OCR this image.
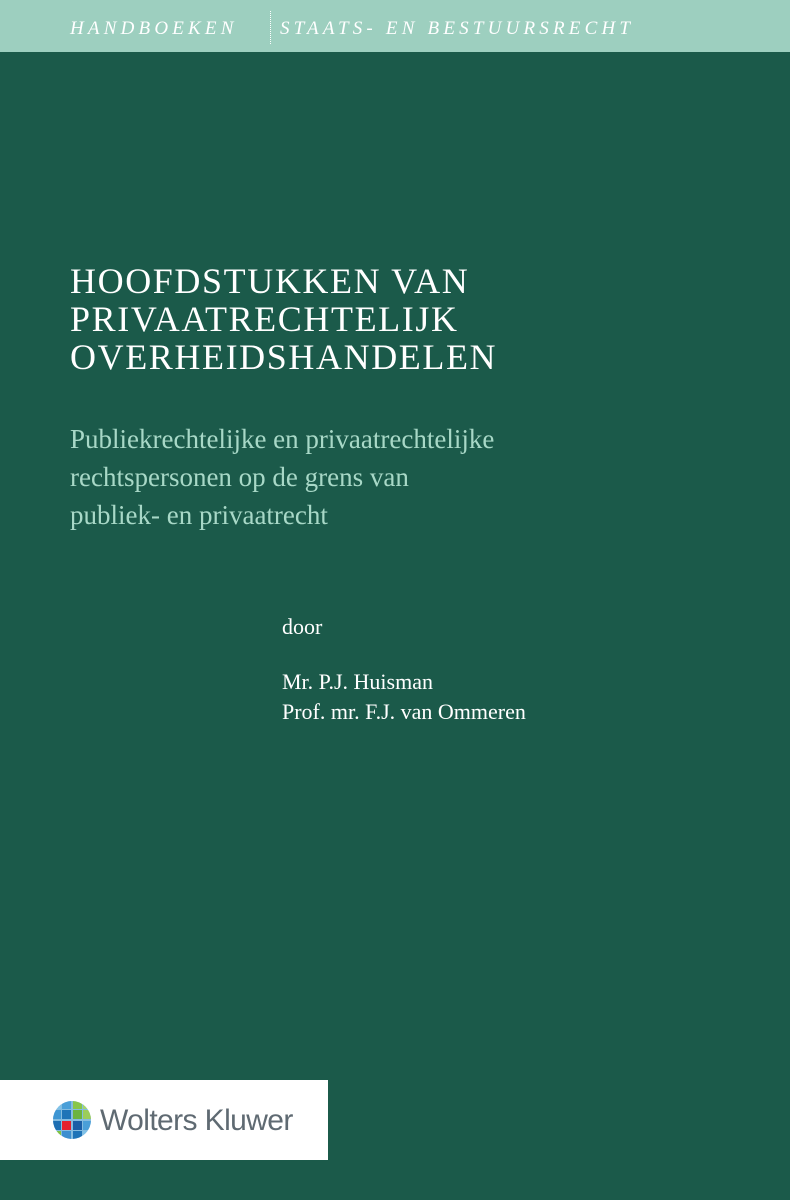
HANDBOEKEN STAATS- EN BESTUURSRECHT
HOOFDSTUKKEN VAN
PRIVAATRECHTELIJK
OVERHEIDSHANDELEN
Publiekrechtelijke en privaatrechtelijke
rechtspersonen op de grens van
publiek- en privaatrecht
door
Mr. P.J. Huisman
Prof. mr. F.J. van Ommeren
Wolters Kluwer
